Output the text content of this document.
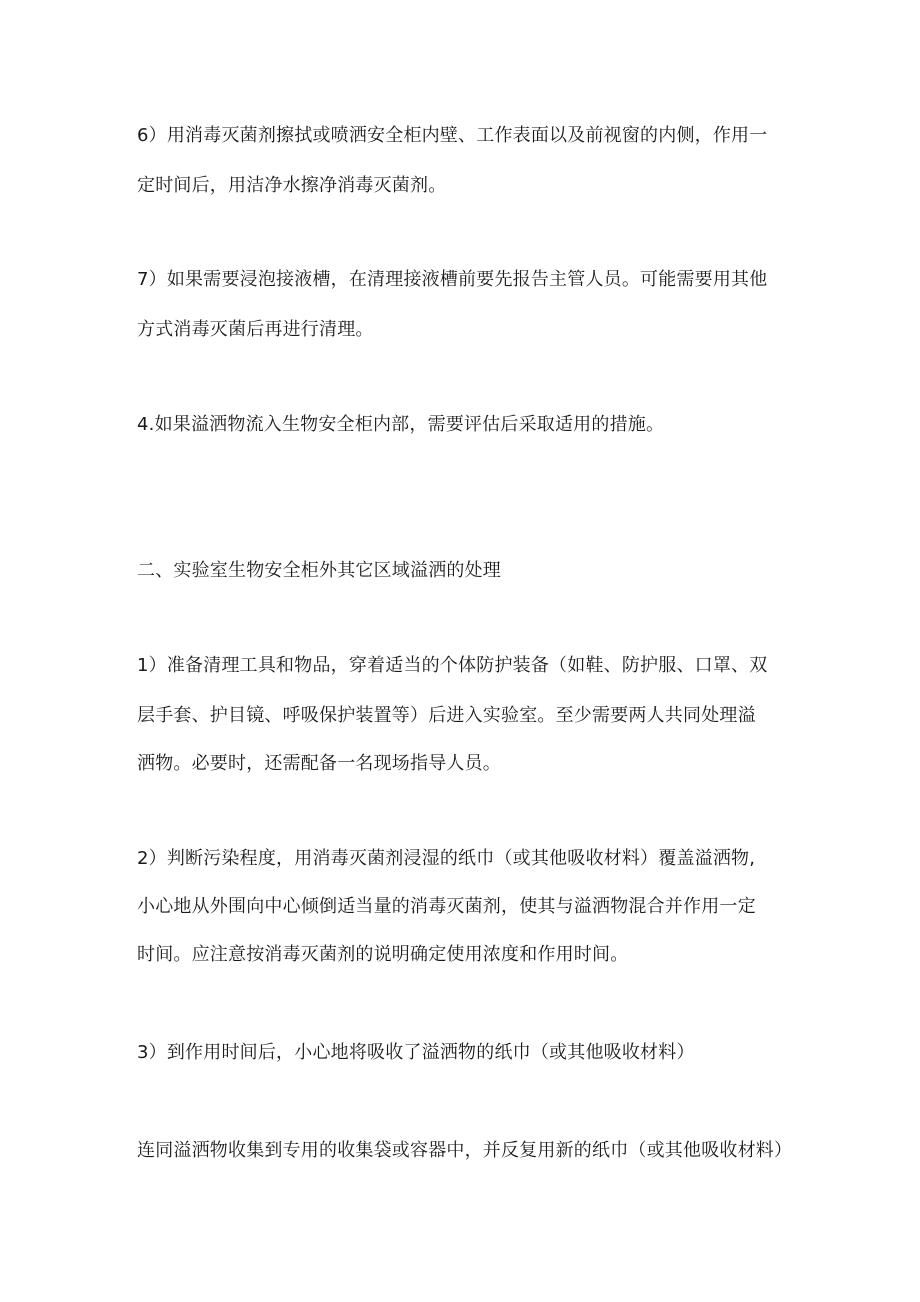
6）用消毒灭菌剂擦拭或喷洒安全柜内壁、工作表面以及前视窗的内侧，作用一
定时间后，用洁净水擦净消毒灭菌剂。
7）如果需要浸泡接液槽，在清理接液槽前要先报告主管人员。可能需要用其他
方式消毒灭菌后再进行清理。
4.如果溢洒物流入生物安全柜内部，需要评估后采取适用的措施。
二、实验室生物安全柜外其它区域溢洒的处理
1）准备清理工具和物品，穿着适当的个体防护装备（如鞋、防护服、口罩、双
层手套、护目镜、呼吸保护装置等）后进入实验室。至少需要两人共同处理溢
洒物。必要时，还需配备一名现场指导人员。
2）判断污染程度，用消毒灭菌剂浸湿的纸巾（或其他吸收材料）覆盖溢洒物,
小心地从外围向中心倾倒适当量的消毒灭菌剂，使其与溢洒物混合并作用一定
时间。应注意按消毒灭菌剂的说明确定使用浓度和作用时间。
3）到作用时间后，小心地将吸收了溢洒物的纸巾（或其他吸收材料）
连同溢洒物收集到专用的收集袋或容器中，并反复用新的纸巾（或其他吸收材料）
